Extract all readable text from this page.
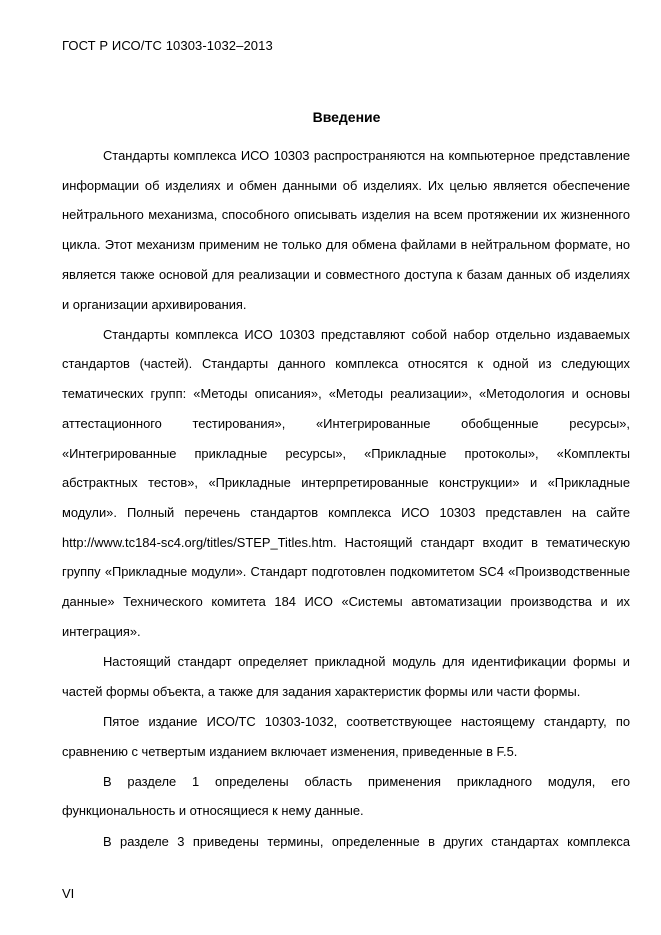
ГОСТ Р ИСО/ТС 10303-1032–2013
Введение

Стандарты комплекса ИСО 10303 распространяются на компьютерное представление информации об изделиях и обмен данными об изделиях. Их целью является обеспечение нейтрального механизма, способного описывать изделия на всем протяжении их жизненного цикла. Этот механизм применим не только для обмена файлами в нейтральном формате, но является также основой для реализации и совместного доступа к базам данных об изделиях и организации архивирования.

Стандарты комплекса ИСО 10303 представляют собой набор отдельно издаваемых стандартов (частей). Стандарты данного комплекса относятся к одной из следующих тематических групп: «Методы описания», «Методы реализации», «Методология и основы аттестационного тестирования», «Интегрированные обобщенные ресурсы», «Интегрированные прикладные ресурсы», «Прикладные протоколы», «Комплекты абстрактных тестов», «Прикладные интерпретированные конструкции» и «Прикладные модули». Полный перечень стандартов комплекса ИСО 10303 представлен на сайте http://www.tc184-sc4.org/titles/STEP_Titles.htm. Настоящий стандарт входит в тематическую группу «Прикладные модули». Стандарт подготовлен подкомитетом SC4 «Производственные данные» Технического комитета 184 ИСО «Системы автоматизации производства и их интеграция».

Настоящий стандарт определяет прикладной модуль для идентификации формы и частей формы объекта, а также для задания характеристик формы или части формы.

Пятое издание ИСО/ТС 10303-1032, соответствующее настоящему стандарту, по сравнению с четвертым изданием включает изменения, приведенные в F.5.

В разделе 1 определены область применения прикладного модуля, его функциональность и относящиеся к нему данные.

В разделе 3 приведены термины, определенные в других стандартах комплекса

VI
